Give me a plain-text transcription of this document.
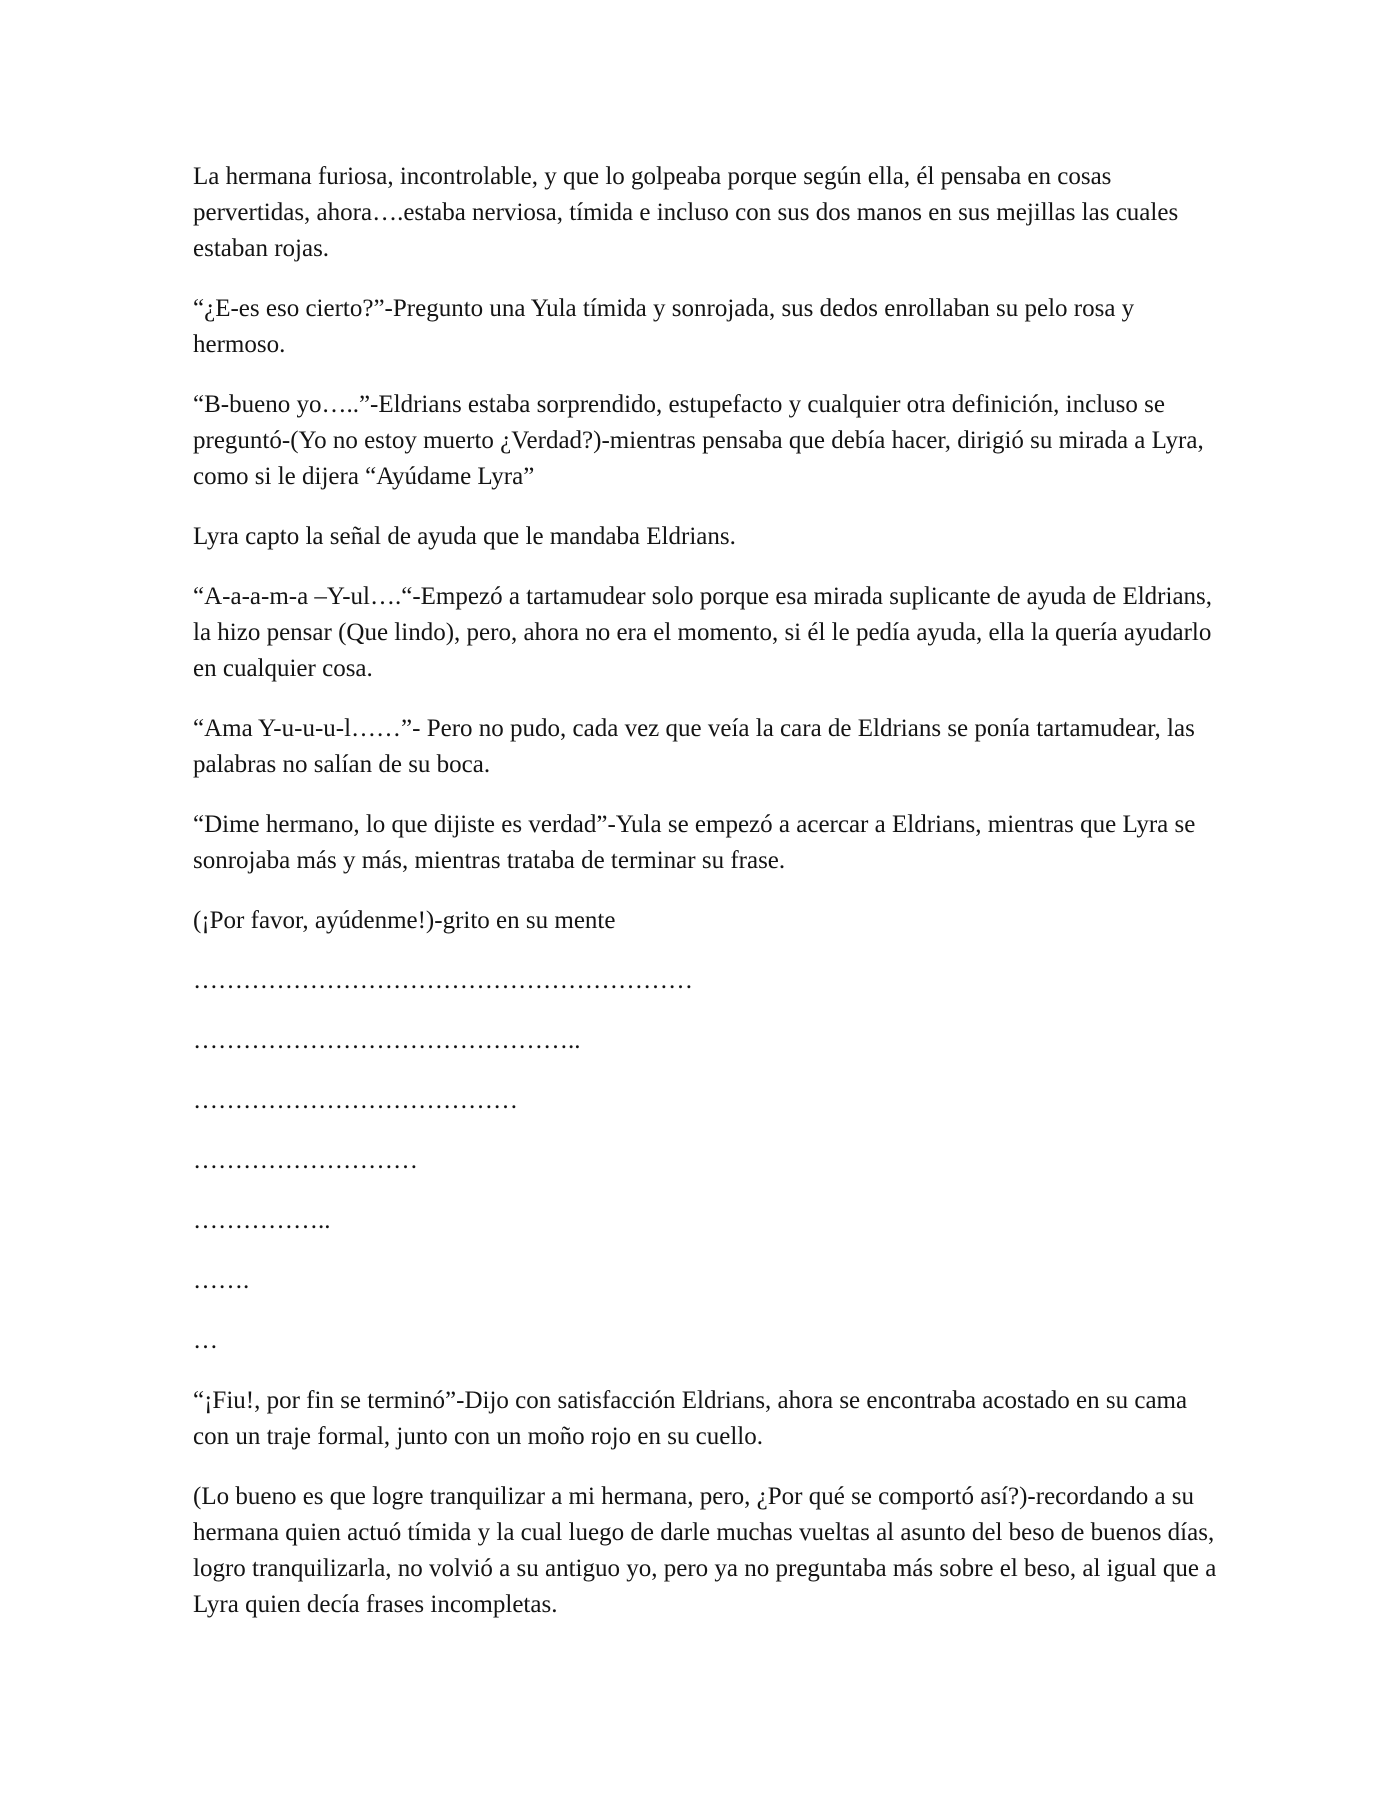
La hermana furiosa, incontrolable, y que lo golpeaba porque según ella, él pensaba en cosas pervertidas, ahora….estaba nerviosa, tímida e incluso con sus dos manos en sus mejillas las cuales estaban rojas.

“¿E-es eso cierto?”-Pregunto una Yula tímida y sonrojada, sus dedos enrollaban su pelo rosa y hermoso.

“B-bueno yo…..”-Eldrians estaba sorprendido, estupefacto y cualquier otra definición, incluso se preguntó-(Yo no estoy muerto ¿Verdad?)-mientras pensaba que debía hacer, dirigió su mirada a Lyra, como si le dijera “Ayúdame Lyra”

Lyra capto la señal de ayuda que le mandaba Eldrians.

“A-a-a-m-a –Y-ul….“-Empezó a tartamudear solo porque esa mirada suplicante de ayuda de Eldrians, la hizo pensar (Que lindo), pero, ahora no era el momento, si él le pedía ayuda, ella la quería ayudarlo en cualquier cosa.

“Ama Y-u-u-u-l……”- Pero no pudo, cada vez que veía la cara de Eldrians se ponía tartamudear, las palabras no salían de su boca.

“Dime hermano, lo que dijiste es verdad”-Yula se empezó a acercar a Eldrians, mientras que Lyra se sonrojaba más y más, mientras trataba de terminar su frase.

(¡Por favor, ayúdenme!)-grito en su mente

……………………………………………………

………………………………………..

…………………………………

………………………

……………..

…….

…

“¡Fiu!, por fin se terminó”-Dijo con satisfacción Eldrians, ahora se encontraba acostado en su cama con un traje formal, junto con un moño rojo en su cuello.

(Lo bueno es que logre tranquilizar a mi hermana, pero, ¿Por qué se comportó así?)-recordando a su hermana quien actuó tímida y la cual luego de darle muchas vueltas al asunto del beso de buenos días, logro tranquilizarla, no volvió a su antiguo yo, pero ya no preguntaba más sobre el beso, al igual que a Lyra quien decía frases incompletas.
